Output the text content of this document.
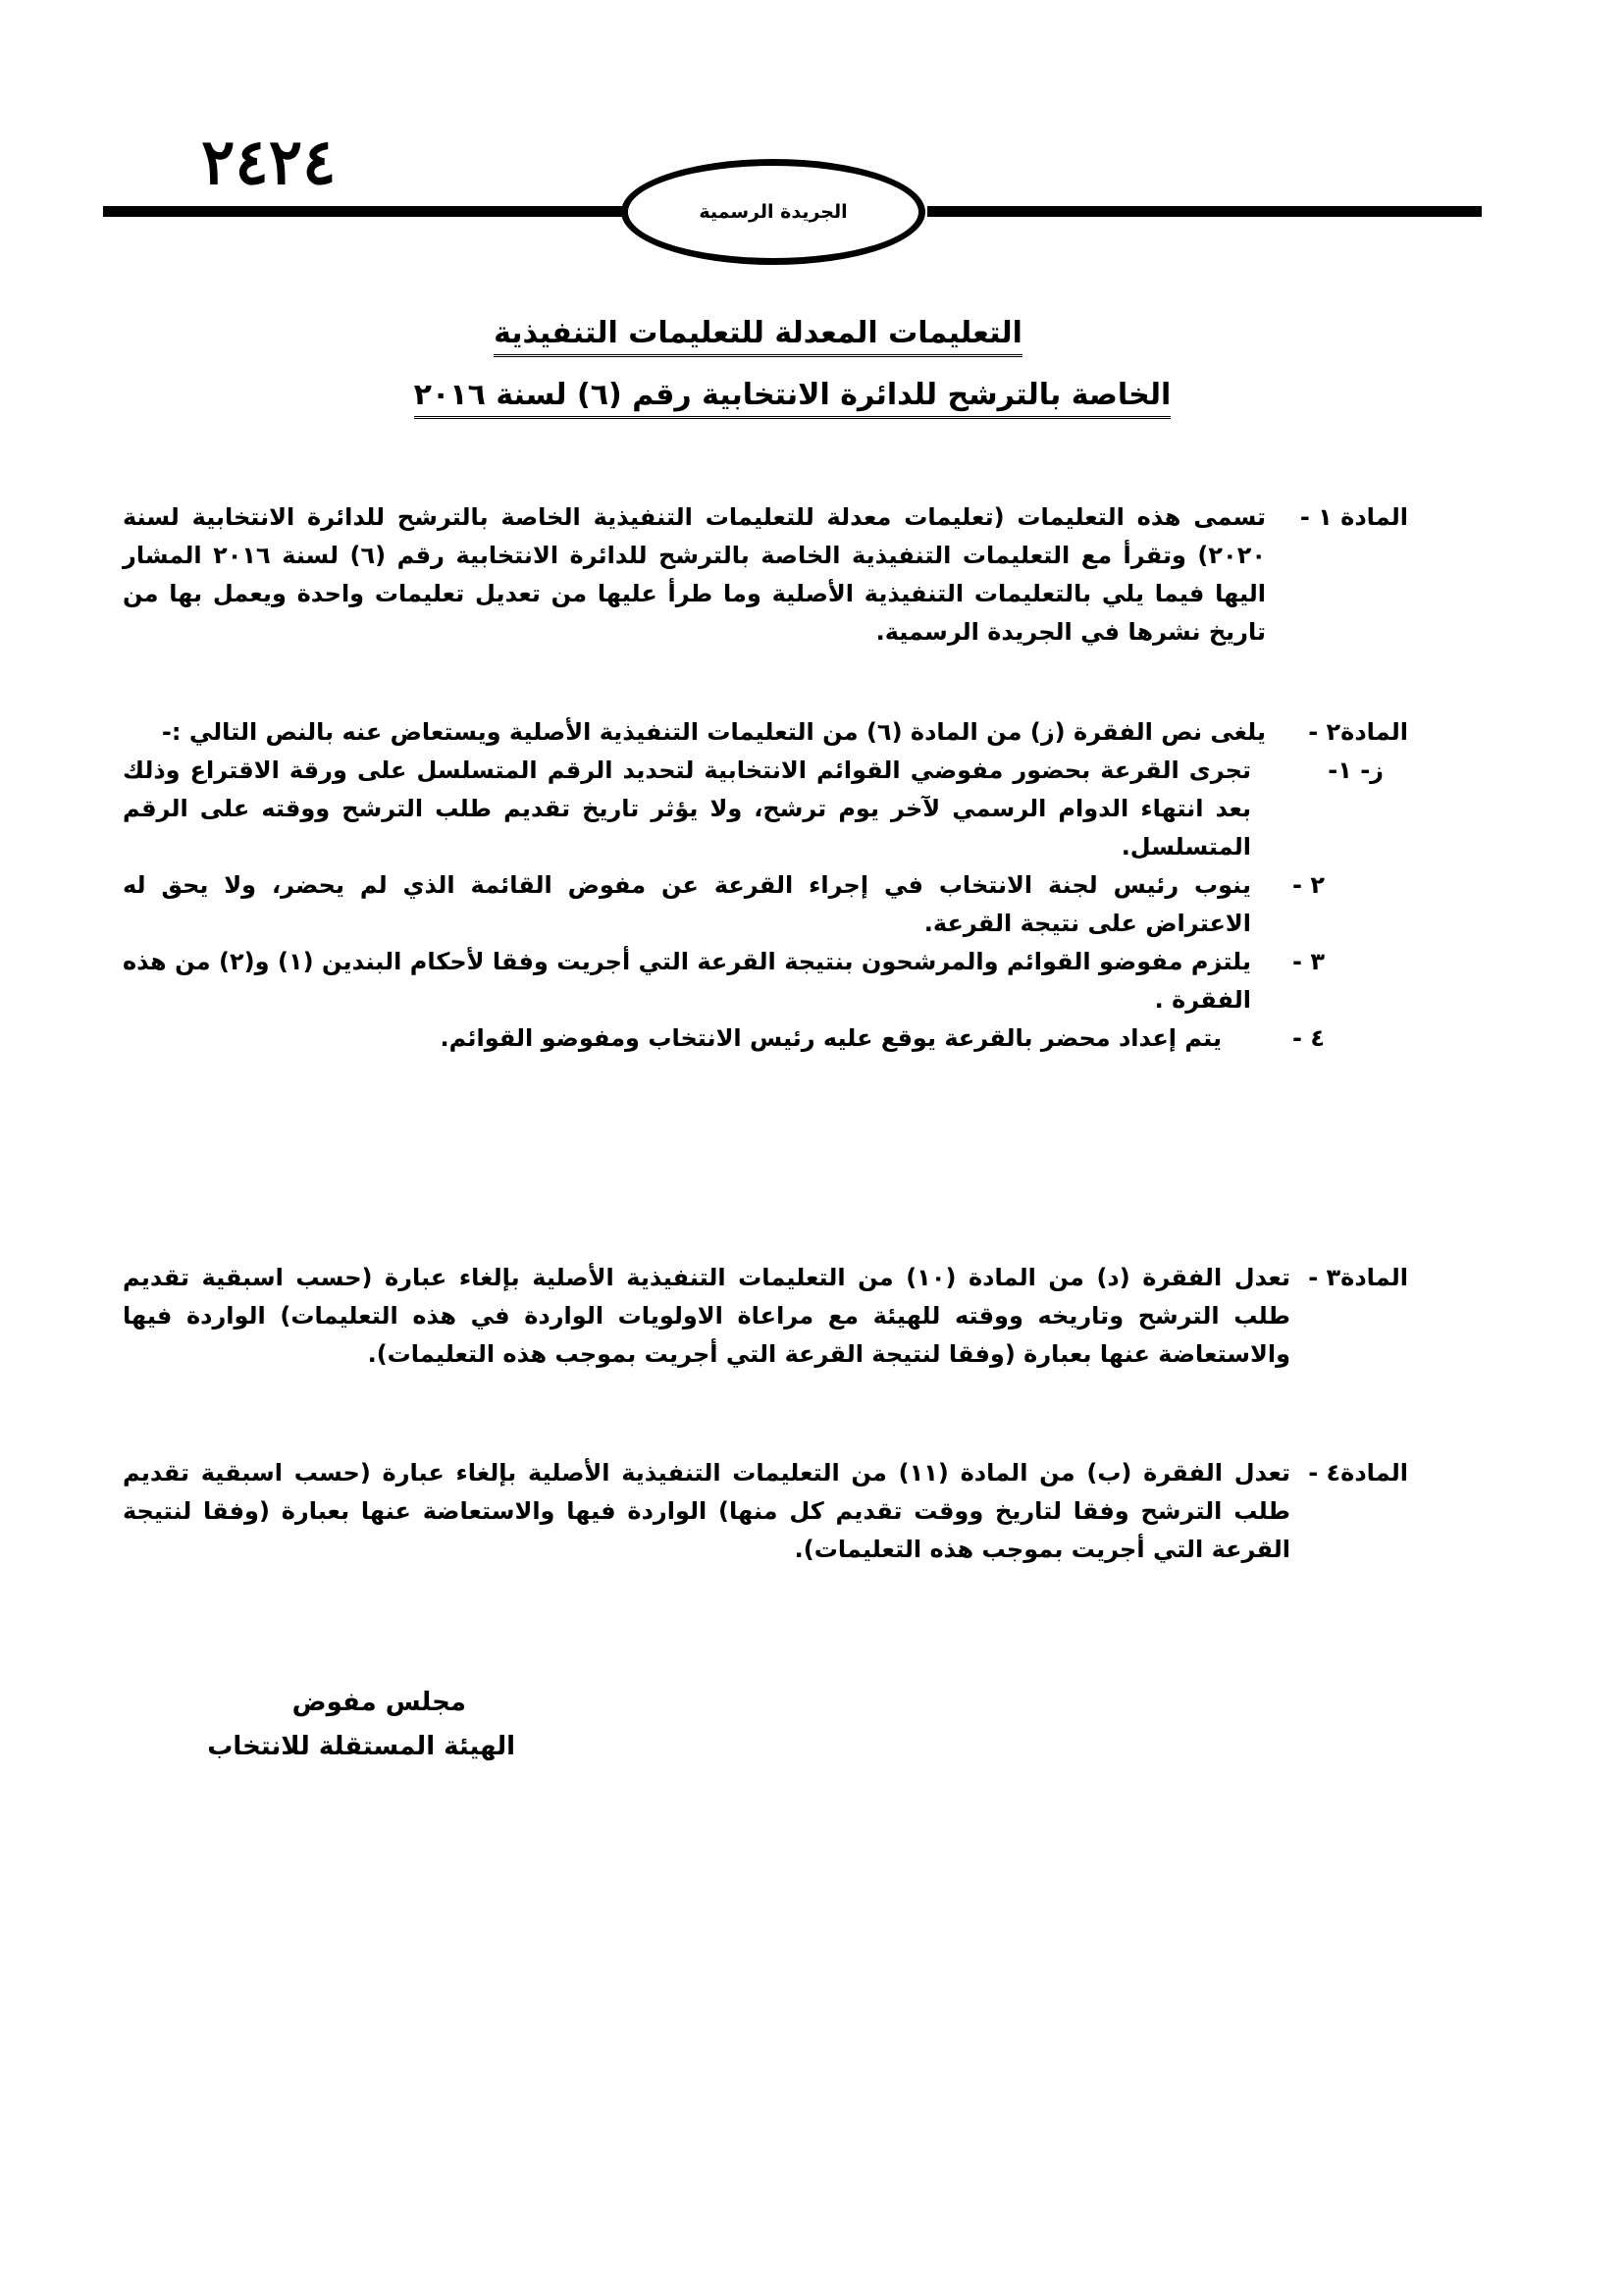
٢٤٢٤
الجريدة الرسمية
التعليمات المعدلة للتعليمات التنفيذية
الخاصة بالترشح للدائرة الانتخابية رقم (٦) لسنة ٢٠١٦
المادة ١ -
تسمى هذه التعليمات (تعليمات معدلة للتعليمات التنفيذية الخاصة بالترشح للدائرة الانتخابية لسنة ٢٠٢٠) وتقرأ مع التعليمات التنفيذية الخاصة بالترشح للدائرة الانتخابية رقم (٦) لسنة ٢٠١٦ المشار اليها فيما يلي بالتعليمات التنفيذية الأصلية وما طرأ عليها من تعديل تعليمات واحدة ويعمل بها من تاريخ نشرها في الجريدة الرسمية.
المادة٢ -
يلغى نص الفقرة (ز) من المادة (٦) من التعليمات التنفيذية الأصلية ويستعاض عنه بالنص التالي :-
ز- ١-
تجرى القرعة بحضور مفوضي القوائم الانتخابية لتحديد الرقم المتسلسل على ورقة الاقتراع وذلك بعد انتهاء الدوام الرسمي لآخر يوم ترشح، ولا يؤثر تاريخ تقديم طلب الترشح ووقته على الرقم المتسلسل.
٢ -
ينوب رئيس لجنة الانتخاب في إجراء القرعة عن مفوض القائمة الذي لم يحضر، ولا يحق له الاعتراض على نتيجة القرعة.
٣ -
يلتزم مفوضو القوائم والمرشحون بنتيجة القرعة التي أجريت وفقا لأحكام البندين (١) و(٢) من هذه الفقرة .
٤ -
يتم إعداد محضر بالقرعة يوقع عليه رئيس الانتخاب ومفوضو القوائم.
المادة٣ -
تعدل الفقرة (د) من المادة (١٠) من التعليمات التنفيذية الأصلية بإلغاء عبارة (حسب اسبقية تقديم طلب الترشح وتاريخه ووقته للهيئة مع مراعاة الاولويات الواردة في هذه التعليمات) الواردة فيها والاستعاضة عنها بعبارة (وفقا لنتيجة القرعة التي أجريت بموجب هذه التعليمات).
المادة٤ -
تعدل الفقرة (ب) من المادة (١١) من التعليمات التنفيذية الأصلية بإلغاء عبارة (حسب اسبقية تقديم طلب الترشح وفقا لتاريخ ووقت تقديم كل منها) الواردة فيها والاستعاضة عنها بعبارة (وفقا لنتيجة القرعة التي أجريت بموجب هذه التعليمات).
مجلس مفوض
الهيئة المستقلة للانتخاب
